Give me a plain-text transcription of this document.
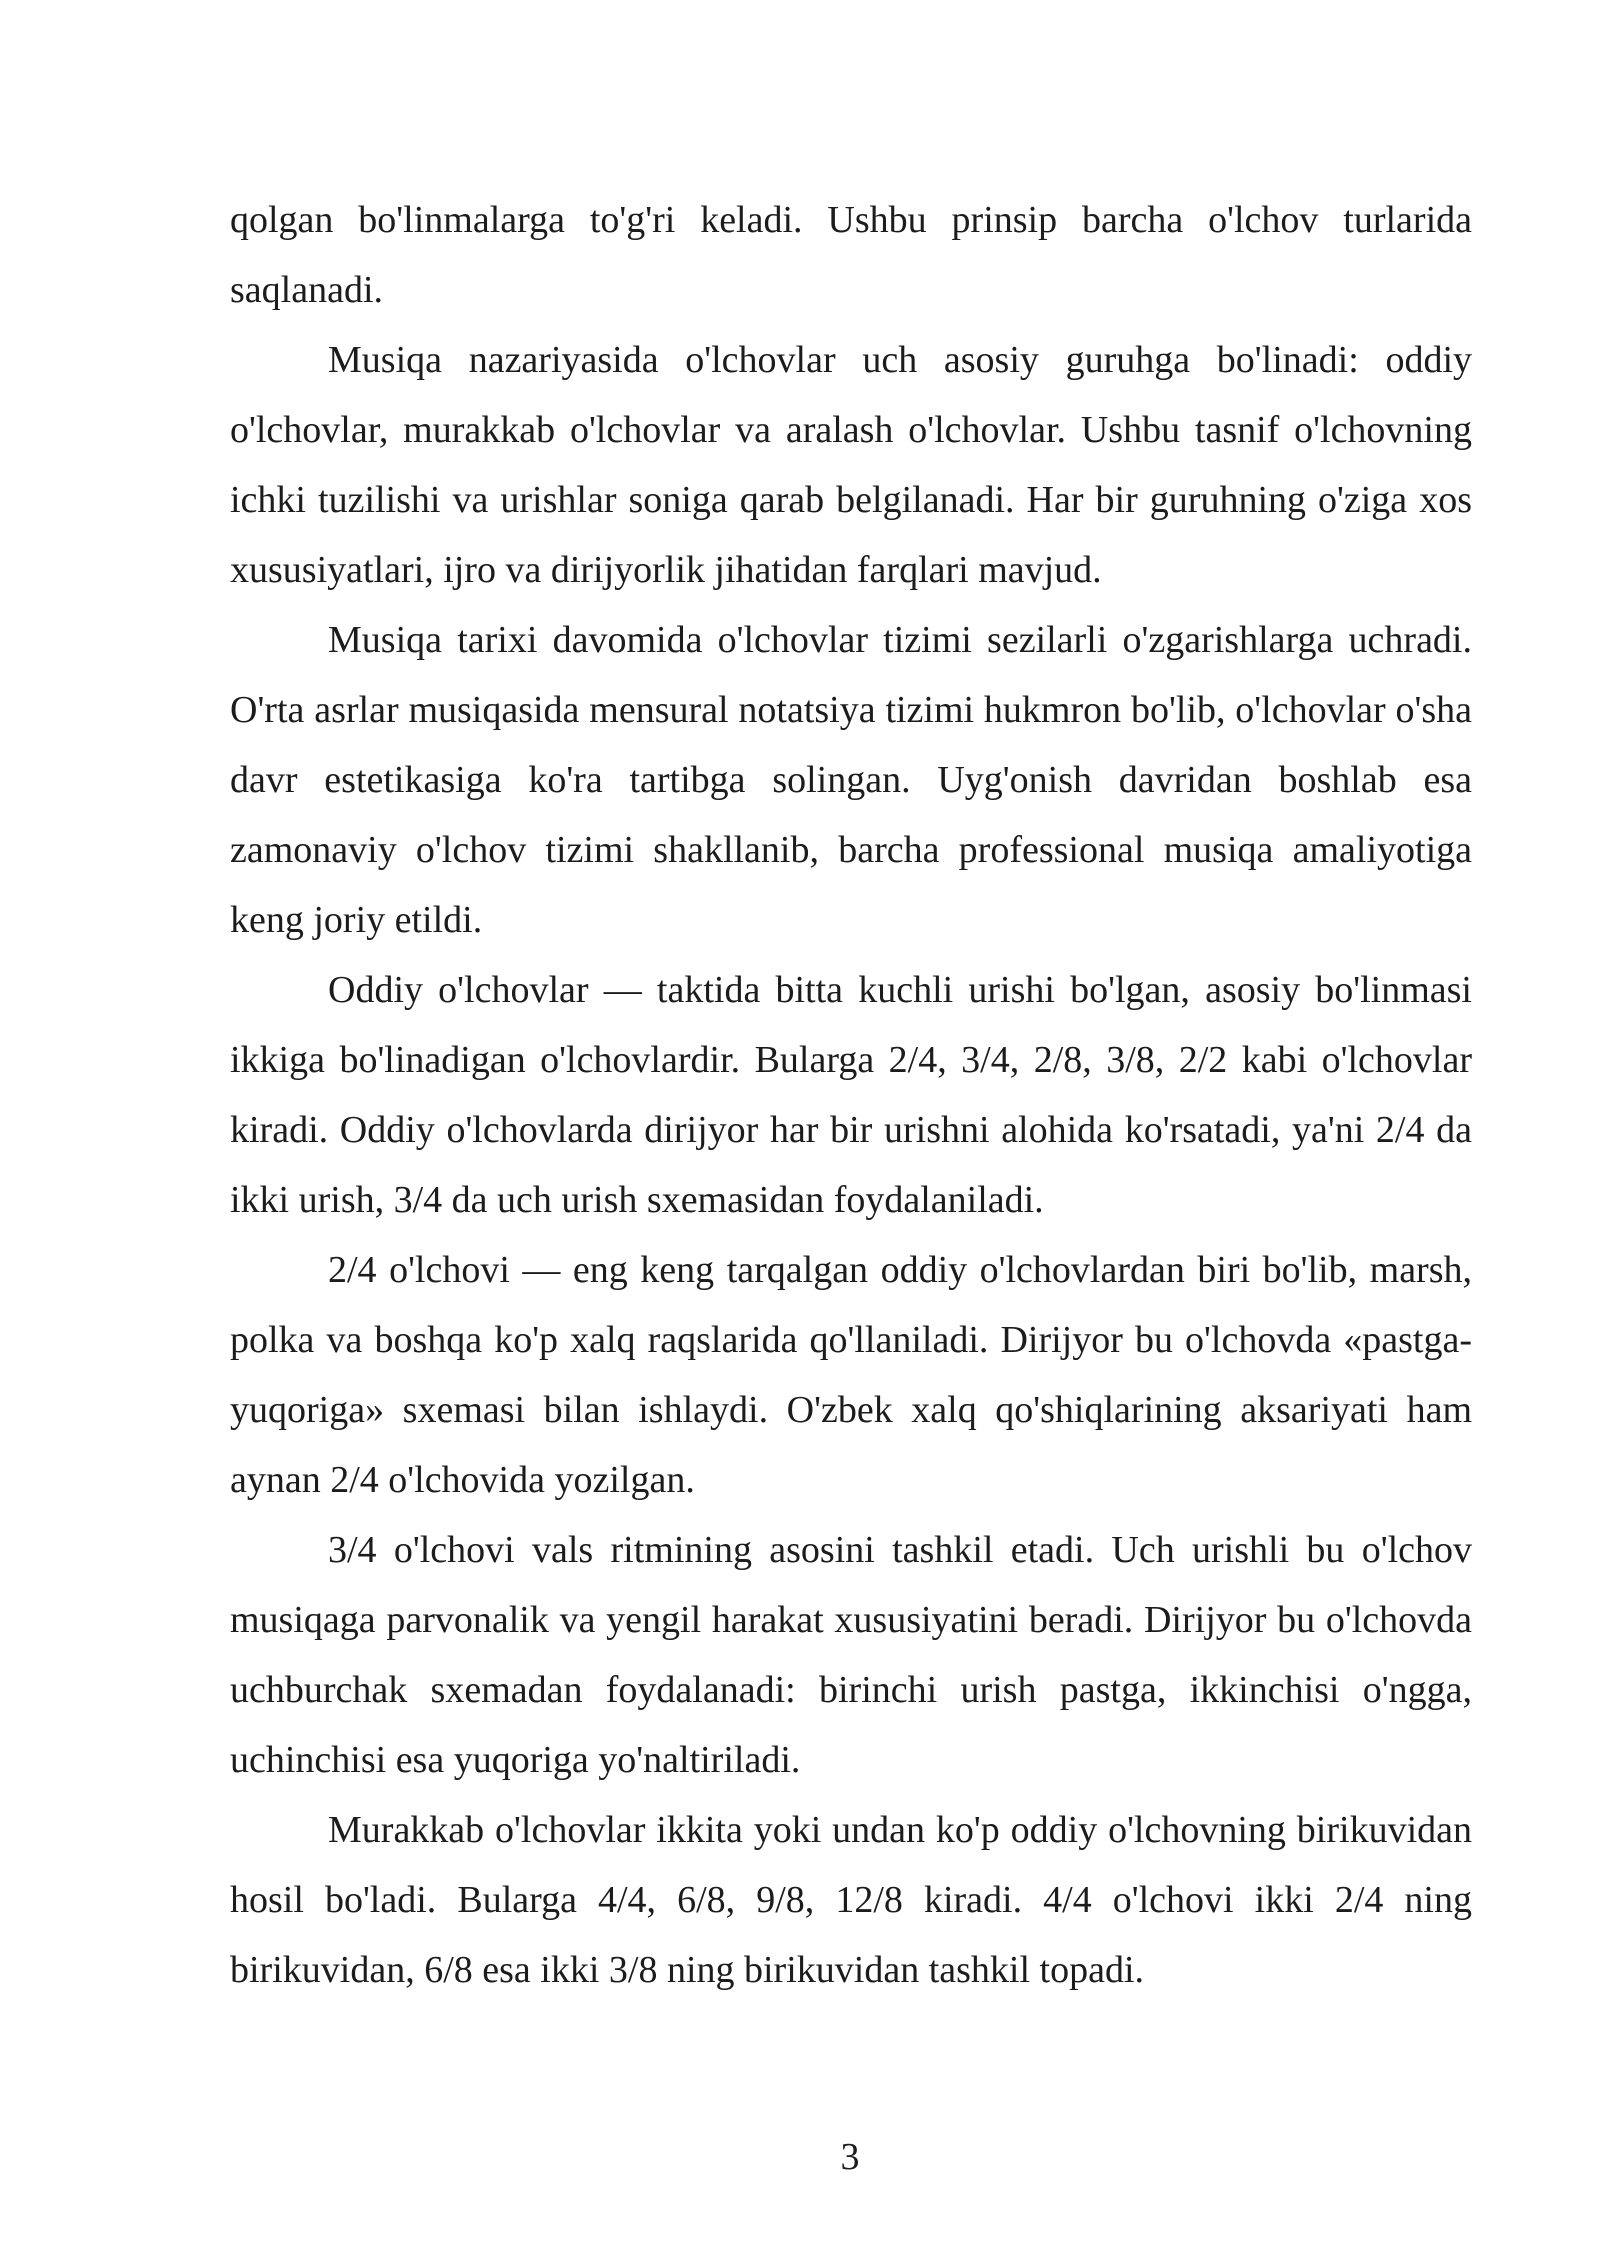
qolgan bo'linmalarga to'g'ri keladi. Ushbu prinsip barcha o'lchov turlarida saqlanadi.

Musiqa nazariyasida o'lchovlar uch asosiy guruhga bo'linadi: oddiy o'lchovlar, murakkab o'lchovlar va aralash o'lchovlar. Ushbu tasnif o'lchovning ichki tuzilishi va urishlar soniga qarab belgilanadi. Har bir guruhning o'ziga xos xususiyatlari, ijro va dirijyorlik jihatidan farqlari mavjud.

Musiqa tarixi davomida o'lchovlar tizimi sezilarli o'zgarishlarga uchradi. O'rta asrlar musiqasida mensural notatsiya tizimi hukmron bo'lib, o'lchovlar o'sha davr estetikasiga ko'ra tartibga solingan. Uyg'onish davridan boshlab esa zamonaviy o'lchov tizimi shakllanib, barcha professional musiqa amaliyotiga keng joriy etildi.

Oddiy o'lchovlar — taktida bitta kuchli urishi bo'lgan, asosiy bo'linmasi ikkiga bo'linadigan o'lchovlardir. Bularga 2/4, 3/4, 2/8, 3/8, 2/2 kabi o'lchovlar kiradi. Oddiy o'lchovlarda dirijyor har bir urishni alohida ko'rsatadi, ya'ni 2/4 da ikki urish, 3/4 da uch urish sxemasidan foydalaniladi.

2/4 o'lchovi — eng keng tarqalgan oddiy o'lchovlardan biri bo'lib, marsh, polka va boshqa ko'p xalq raqslarida qo'llaniladi. Dirijyor bu o'lchovda «pastga-yuqoriga» sxemasi bilan ishlaydi. O'zbek xalq qo'shiqlarining aksariyati ham aynan 2/4 o'lchovida yozilgan.

3/4 o'lchovi vals ritmining asosini tashkil etadi. Uch urishli bu o'lchov musiqaga parvonalik va yengil harakat xususiyatini beradi. Dirijyor bu o'lchovda uchburchak sxemadan foydalanadi: birinchi urish pastga, ikkinchisi o'ngga, uchinchisi esa yuqoriga yo'naltiriladi.

Murakkab o'lchovlar ikkita yoki undan ko'p oddiy o'lchovning birikuvidan hosil bo'ladi. Bularga 4/4, 6/8, 9/8, 12/8 kiradi. 4/4 o'lchovi ikki 2/4 ning birikuvidan, 6/8 esa ikki 3/8 ning birikuvidan tashkil topadi.

3
